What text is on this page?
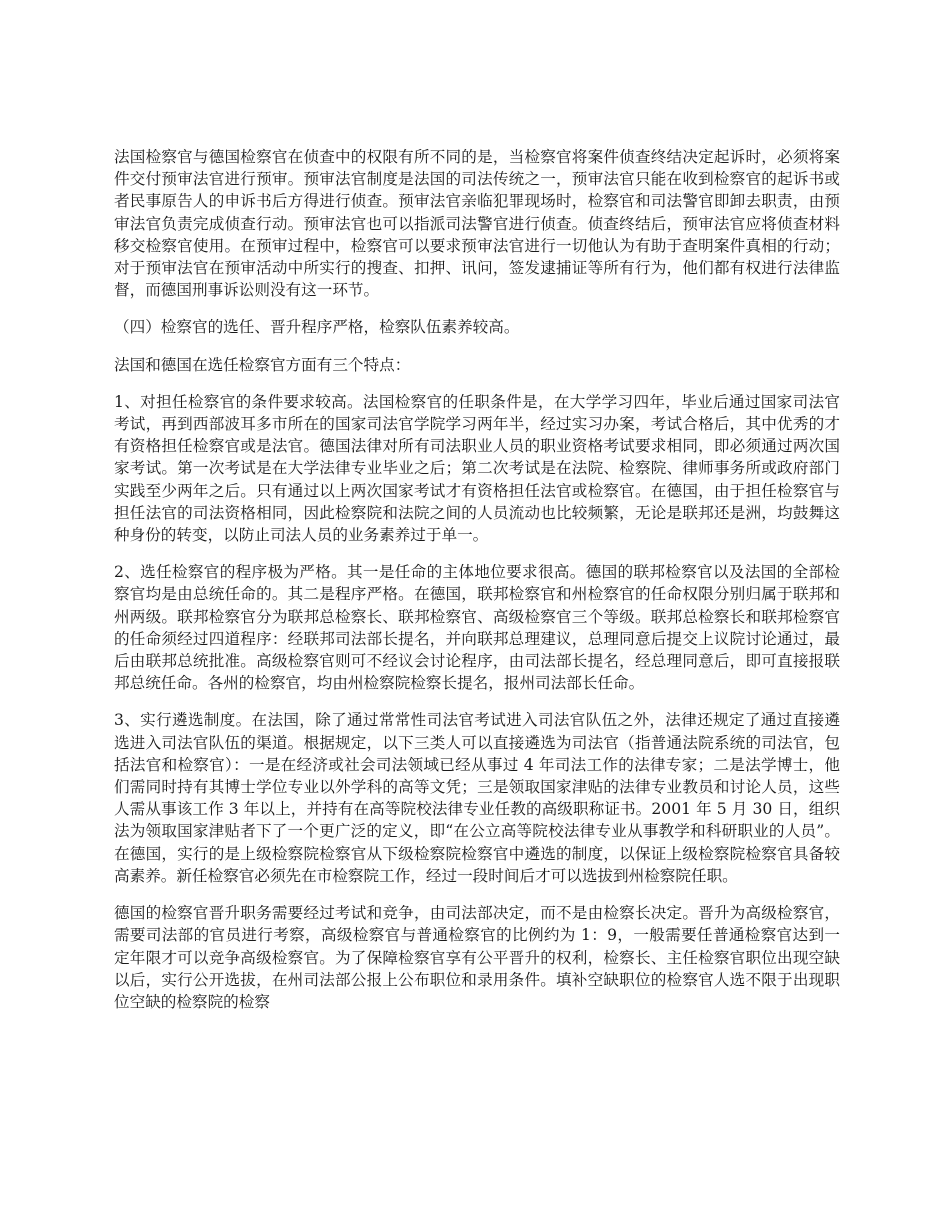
法国检察官与德国检察官在侦查中的权限有所不同的是，当检察官将案件侦查终结决定起诉时，必须将案件交付预审法官进行预审。预审法官制度是法国的司法传统之一，预审法官只能在收到检察官的起诉书或者民事原告人的申诉书后方得进行侦查。预审法官亲临犯罪现场时，检察官和司法警官即卸去职责，由预审法官负责完成侦查行动。预审法官也可以指派司法警官进行侦查。侦查终结后，预审法官应将侦查材料移交检察官使用。在预审过程中，检察官可以要求预审法官进行一切他认为有助于查明案件真相的行动；对于预审法官在预审活动中所实行的搜查、扣押、讯问，签发逮捕证等所有行为，他们都有权进行法律监督，而德国刑事诉讼则没有这一环节。

（四）检察官的选任、晋升程序严格，检察队伍素养较高。

法国和德国在选任检察官方面有三个特点：

1、对担任检察官的条件要求较高。法国检察官的任职条件是，在大学学习四年，毕业后通过国家司法官考试，再到西部波耳多市所在的国家司法官学院学习两年半，经过实习办案，考试合格后，其中优秀的才有资格担任检察官或是法官。德国法律对所有司法职业人员的职业资格考试要求相同，即必须通过两次国家考试。第一次考试是在大学法律专业毕业之后；第二次考试是在法院、检察院、律师事务所或政府部门实践至少两年之后。只有通过以上两次国家考试才有资格担任法官或检察官。在德国，由于担任检察官与担任法官的司法资格相同，因此检察院和法院之间的人员流动也比较频繁，无论是联邦还是洲，均鼓舞这种身份的转变，以防止司法人员的业务素养过于单一。

2、选任检察官的程序极为严格。其一是任命的主体地位要求很高。德国的联邦检察官以及法国的全部检察官均是由总统任命的。其二是程序严格。在德国，联邦检察官和州检察官的任命权限分别归属于联邦和州两级。联邦检察官分为联邦总检察长、联邦检察官、高级检察官三个等级。联邦总检察长和联邦检察官的任命须经过四道程序：经联邦司法部长提名，并向联邦总理建议，总理同意后提交上议院讨论通过，最后由联邦总统批准。高级检察官则可不经议会讨论程序，由司法部长提名，经总理同意后，即可直接报联邦总统任命。各州的检察官，均由州检察院检察长提名，报州司法部长任命。

3、实行遴选制度。在法国，除了通过常常性司法官考试进入司法官队伍之外，法律还规定了通过直接遴选进入司法官队伍的渠道。根据规定，以下三类人可以直接遴选为司法官（指普通法院系统的司法官，包括法官和检察官）：一是在经济或社会司法领域已经从事过 4 年司法工作的法律专家；二是法学博士，他们需同时持有其博士学位专业以外学科的高等文凭；三是领取国家津贴的法律专业教员和讨论人员，这些人需从事该工作 3 年以上，并持有在高等院校法律专业任教的高级职称证书。2001 年 5 月 30 日，组织法为领取国家津贴者下了一个更广泛的定义，即“在公立高等院校法律专业从事教学和科研职业的人员”。在德国，实行的是上级检察院检察官从下级检察院检察官中遴选的制度，以保证上级检察院检察官具备较高素养。新任检察官必须先在市检察院工作，经过一段时间后才可以选拔到州检察院任职。

德国的检察官晋升职务需要经过考试和竞争，由司法部决定，而不是由检察长决定。晋升为高级检察官，需要司法部的官员进行考察，高级检察官与普通检察官的比例约为 1：9，一般需要任普通检察官达到一定年限才可以竞争高级检察官。为了保障检察官享有公平晋升的权利，检察长、主任检察官职位出现空缺以后，实行公开选拔，在州司法部公报上公布职位和录用条件。填补空缺职位的检察官人选不限于出现职位空缺的检察院的检察
